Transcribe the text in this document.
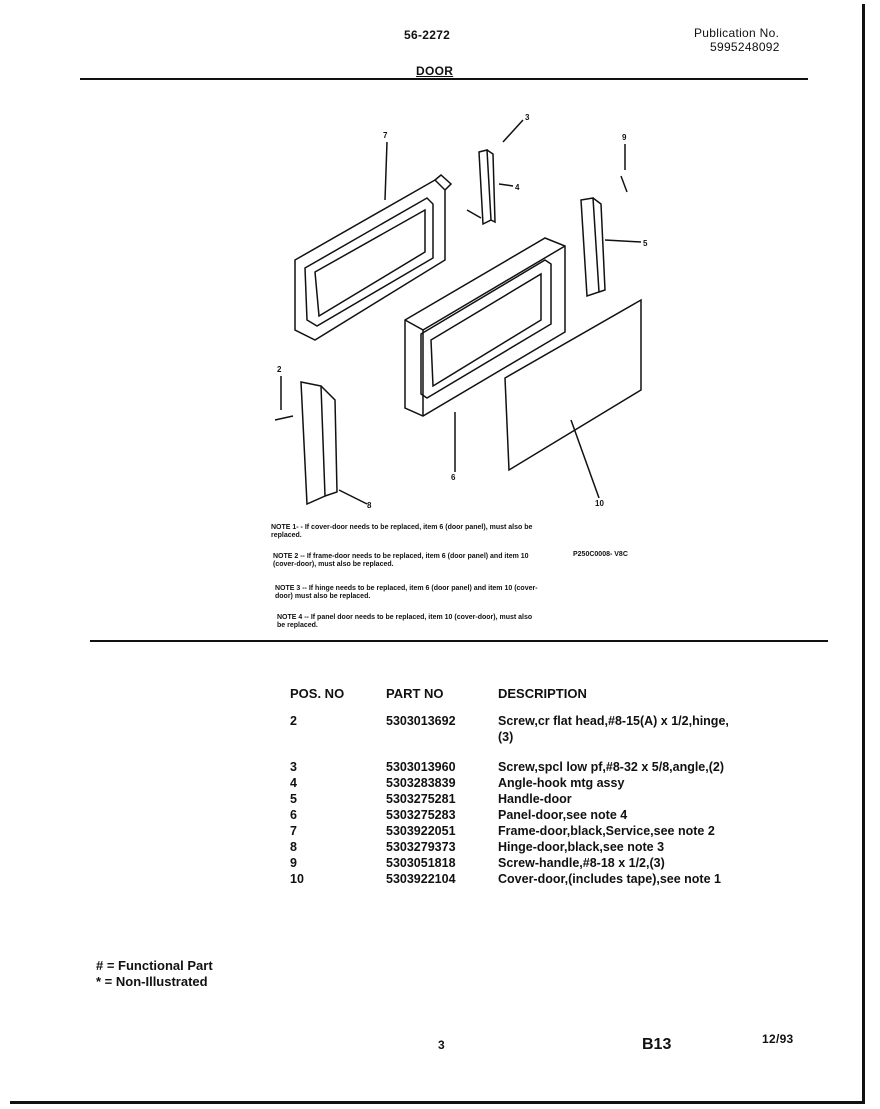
56-2272
DOOR
Publication No.
5995248092
7
3
4
9
5
2
8
6
10
NOTE 1- - If cover-door needs to be replaced, item 6 (door panel), must also be replaced.
NOTE 2 -- If frame-door needs to be replaced, item 6 (door panel) and item 10 (cover-door), must also be replaced.
NOTE 3 -- If hinge needs to be replaced, item 6 (door panel) and item 10 (cover-door) must also be replaced.
NOTE 4 -- If panel door needs to be replaced, item 10 (cover-door), must also be replaced.
P250C0008- V8C
POS. NO	PART NO	DESCRIPTION
2	5303013692	Screw,cr flat head,#8-15(A) x 1/2,hinge,(3)
3	5303013960	Screw,spcl low pf,#8-32 x 5/8,angle,(2)
4	5303283839	Angle-hook mtg assy
5	5303275281	Handle-door
6	5303275283	Panel-door,see note 4
7	5303922051	Frame-door,black,Service,see note 2
8	5303279373	Hinge-door,black,see note 3
9	5303051818	Screw-handle,#8-18 x 1/2,(3)
10	5303922104	Cover-door,(includes tape),see note 1
# = Functional Part
* = Non-Illustrated
3	B13	12/93
